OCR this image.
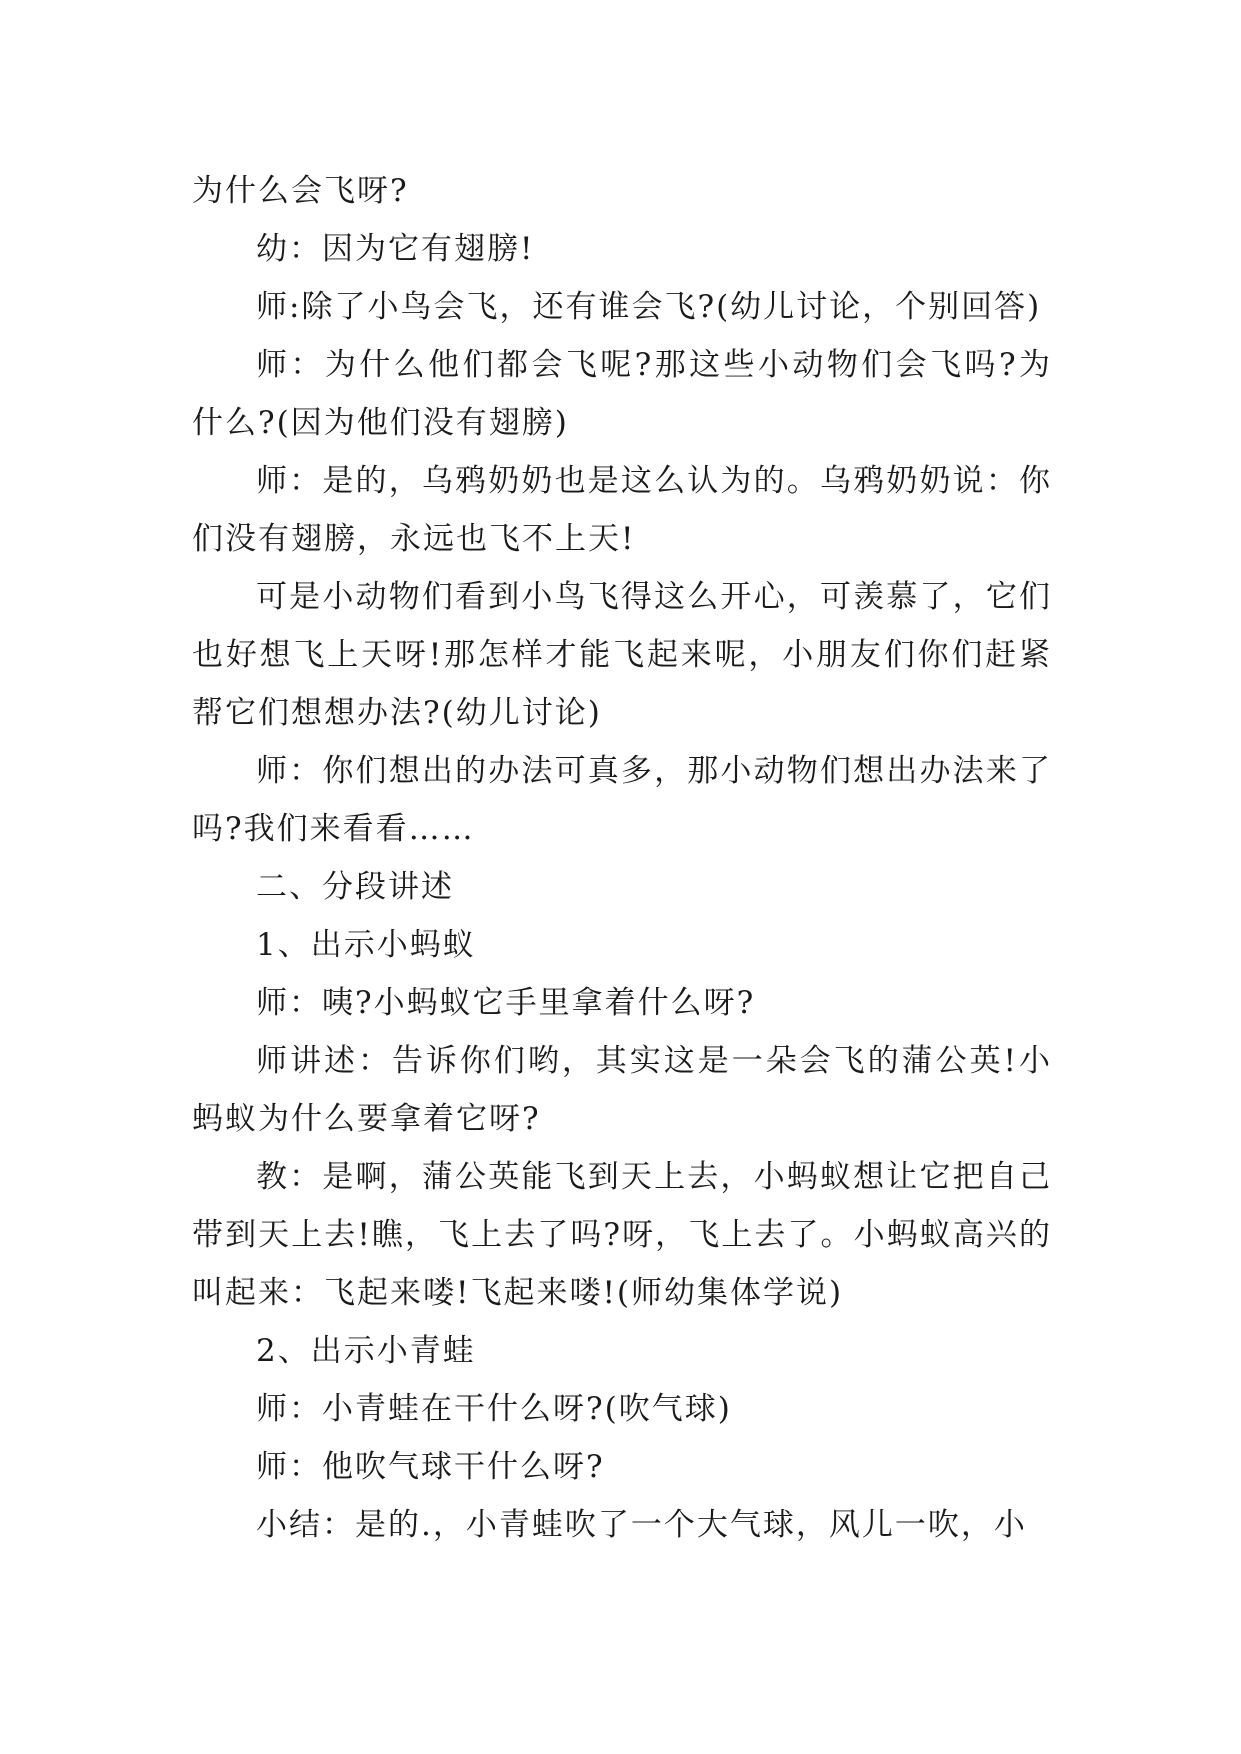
为什么会飞呀?

幼：因为它有翅膀!

师:除了小鸟会飞，还有谁会飞?(幼儿讨论，个别回答)

师：为什么他们都会飞呢?那这些小动物们会飞吗?为什么?(因为他们没有翅膀)

师：是的，乌鸦奶奶也是这么认为的。乌鸦奶奶说：你们没有翅膀，永远也飞不上天!

可是小动物们看到小鸟飞得这么开心，可羡慕了，它们也好想飞上天呀!那怎样才能飞起来呢，小朋友们你们赶紧帮它们想想办法?(幼儿讨论)

师：你们想出的办法可真多，那小动物们想出办法来了吗?我们来看看……

二、分段讲述

1、出示小蚂蚁

师：咦?小蚂蚁它手里拿着什么呀?

师讲述：告诉你们哟，其实这是一朵会飞的蒲公英!小蚂蚁为什么要拿着它呀?

教：是啊，蒲公英能飞到天上去，小蚂蚁想让它把自己带到天上去!瞧，飞上去了吗?呀，飞上去了。小蚂蚁高兴的叫起来：飞起来喽!飞起来喽!(师幼集体学说)

2、出示小青蛙

师：小青蛙在干什么呀?(吹气球)

师：他吹气球干什么呀?

小结：是的.，小青蛙吹了一个大气球，风儿一吹，小
